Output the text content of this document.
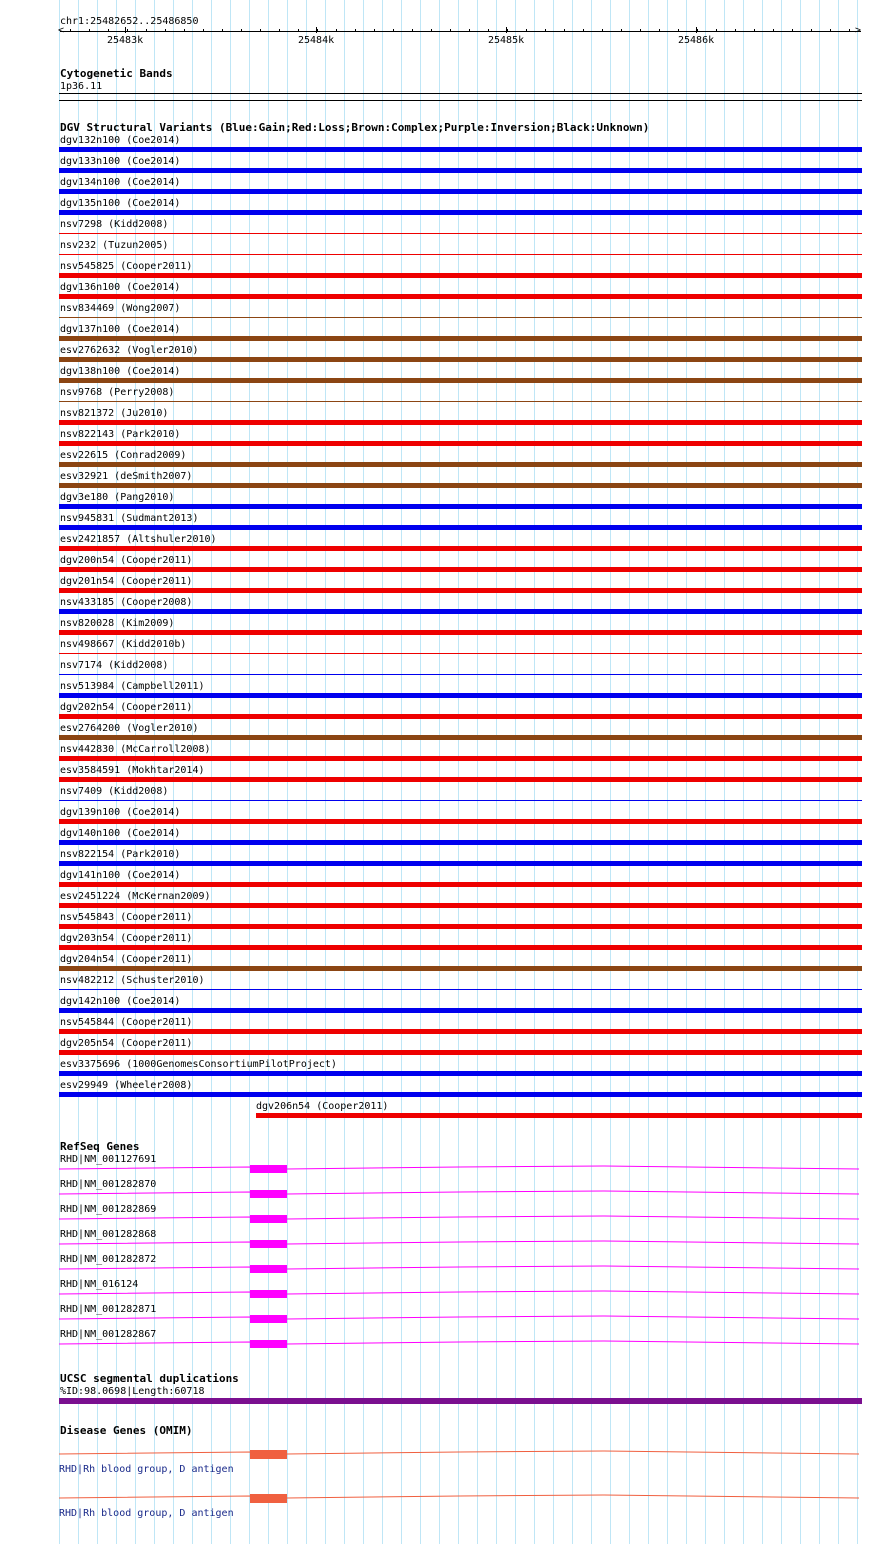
chr1:25482652..25486850
<	>
25483k	25484k	25485k	25486k
Cytogenetic Bands
1p36.11
DGV Structural Variants (Blue:Gain;Red:Loss;Brown:Complex;Purple:Inversion;Black:Unknown)
dgv132n100 (Coe2014)
dgv133n100 (Coe2014)
dgv134n100 (Coe2014)
dgv135n100 (Coe2014)
nsv7298 (Kidd2008)
nsv232 (Tuzun2005)
nsv545825 (Cooper2011)
dgv136n100 (Coe2014)
nsv834469 (Wong2007)
dgv137n100 (Coe2014)
esv2762632 (Vogler2010)
dgv138n100 (Coe2014)
nsv9768 (Perry2008)
nsv821372 (Ju2010)
nsv822143 (Park2010)
esv22615 (Conrad2009)
esv32921 (deSmith2007)
dgv3e180 (Pang2010)
nsv945831 (Sudmant2013)
esv2421857 (Altshuler2010)
dgv200n54 (Cooper2011)
dgv201n54 (Cooper2011)
nsv433185 (Cooper2008)
nsv820028 (Kim2009)
nsv498667 (Kidd2010b)
nsv7174 (Kidd2008)
nsv513984 (Campbell2011)
dgv202n54 (Cooper2011)
esv2764200 (Vogler2010)
nsv442830 (McCarroll2008)
esv3584591 (Mokhtar2014)
nsv7409 (Kidd2008)
dgv139n100 (Coe2014)
dgv140n100 (Coe2014)
nsv822154 (Park2010)
dgv141n100 (Coe2014)
esv2451224 (McKernan2009)
nsv545843 (Cooper2011)
dgv203n54 (Cooper2011)
dgv204n54 (Cooper2011)
nsv482212 (Schuster2010)
dgv142n100 (Coe2014)
nsv545844 (Cooper2011)
dgv205n54 (Cooper2011)
esv3375696 (1000GenomesConsortiumPilotProject)
esv29949 (Wheeler2008)
dgv206n54 (Cooper2011)
RefSeq Genes
RHD|NM_001127691
RHD|NM_001282870
RHD|NM_001282869
RHD|NM_001282868
RHD|NM_001282872
RHD|NM_016124
RHD|NM_001282871
RHD|NM_001282867
UCSC segmental duplications
%ID:98.0698|Length:60718
Disease Genes (OMIM)
RHD|Rh blood group, D antigen
RHD|Rh blood group, D antigen
